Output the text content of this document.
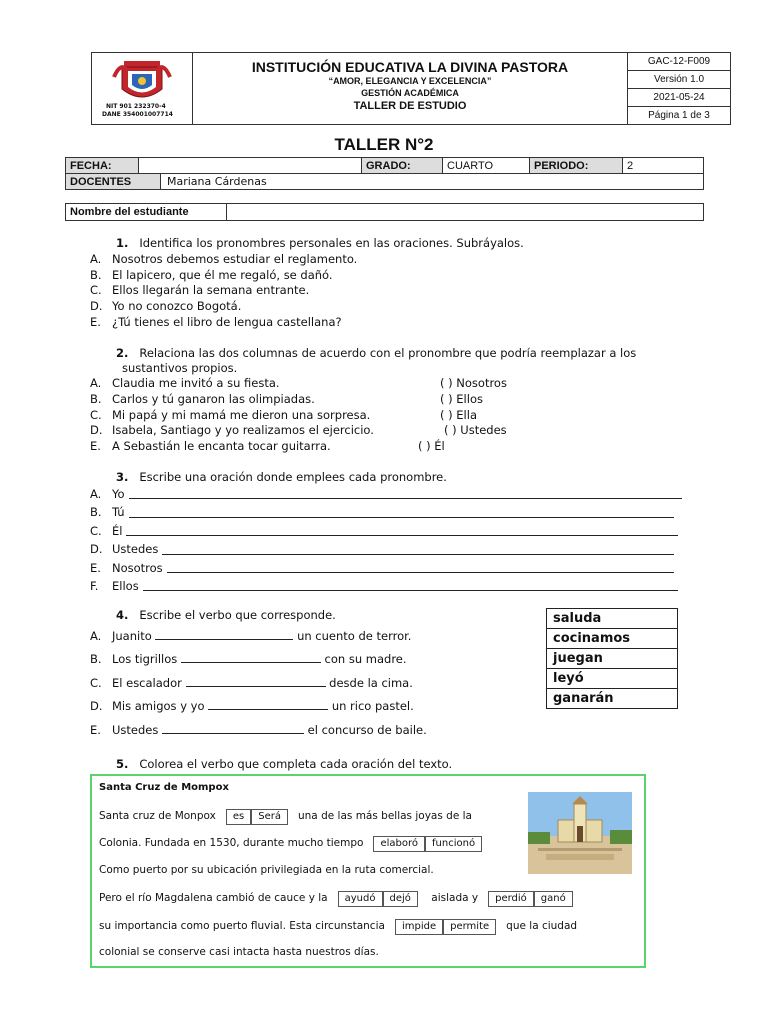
NIT 901 232370-4
DANE 354001007714
INSTITUCIÓN EDUCATIVA LA DIVINA PASTORA
“AMOR, ELEGANCIA Y EXCELENCIA”
GESTIÓN ACADÉMICA
TALLER DE ESTUDIO
GAC-12-F009
Versión 1.0
2021-05-24
Página 1 de 3
TALLER N°2
FECHA:		GRADO:	CUARTO	PERIODO:	2
DOCENTES	Mariana Cárdenas
Nombre del estudiante	
1. Identifica los pronombres personales en las oraciones. Subráyalos.
A. Nosotros debemos estudiar el reglamento.
B. El lapicero, que él me regaló, se dañó.
C. Ellos llegarán la semana entrante.
D. Yo no conozco Bogotá.
E. ¿Tú tienes el libro de lengua castellana?
2. Relaciona las dos columnas de acuerdo con el pronombre que podría reemplazar a los
sustantivos propios.
A. Claudia me invitó a su fiesta.	( ) Nosotros
B. Carlos y tú ganaron las olimpiadas.	( ) Ellos
C. Mi papá y mi mamá me dieron una sorpresa.	( ) Ella
D. Isabela, Santiago y yo realizamos el ejercicio.	( ) Ustedes
E. A Sebastián le encanta tocar guitarra.	( ) Él
3. Escribe una oración donde emplees cada pronombre.
A. Yo
B. Tú
C. Él
D. Ustedes
E. Nosotros
F.	Ellos
4. Escribe el verbo que corresponde.
A. Juanito	un cuento de terror.
B. Los tigrillos	con su madre.
C. El escalador	desde la cima.
D. Mis amigos y yo	un rico pastel.
E. Ustedes	el concurso de baile.
saluda
cocinamos
juegan
leyó
ganarán
5. Colorea el verbo que completa cada oración del texto.
Santa Cruz de Mompox
Santa cruz de Monpox es Será una de las más bellas joyas de la
Colonia. Fundada en 1530, durante mucho tiempo elaboró funcionó
Como puerto por su ubicación privilegiada en la ruta comercial.
Pero el río Magdalena cambió de cauce y la ayudó dejó aislada y perdió ganó
su importancia como puerto fluvial. Esta circunstancia impide permite que la ciudad
colonial se conserve casi intacta hasta nuestros días.
